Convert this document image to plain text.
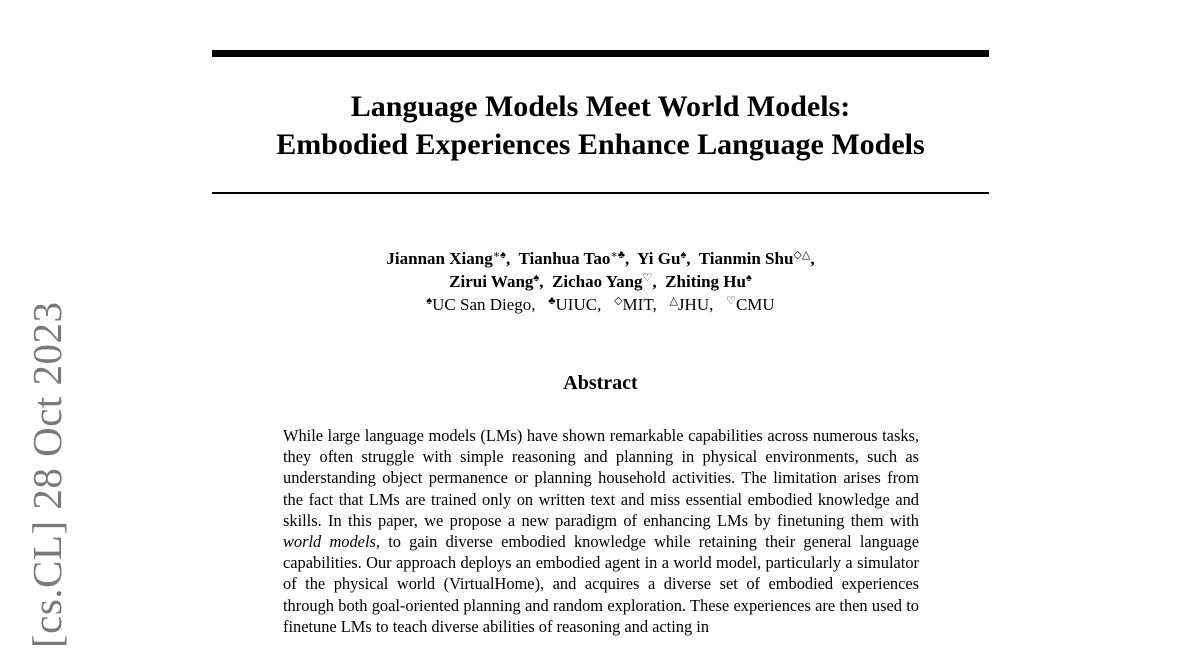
Language Models Meet World Models:
Embodied Experiences Enhance Language Models
Jiannan Xiang∗♠,  Tianhua Tao∗♣,  Yi Gu♠,  Tianmin Shu◇△,
Zirui Wang♠,  Zichao Yang♡,  Zhiting Hu♠
♠UC San Diego,   ♣UIUC,   ◇MIT,   △JHU,   ♡CMU
Abstract
While large language models (LMs) have shown remarkable capabilities across numerous tasks, they often struggle with simple reasoning and planning in physical environments, such as understanding object permanence or planning household activities. The limitation arises from the fact that LMs are trained only on written text and miss essential embodied knowledge and skills. In this paper, we propose a new paradigm of enhancing LMs by finetuning them with world models, to gain diverse embodied knowledge while retaining their general language capabilities. Our approach deploys an embodied agent in a world model, particularly a simulator of the physical world (VirtualHome), and acquires a diverse set of embodied experiences through both goal-oriented planning and random exploration. These experiences are then used to finetune LMs to teach diverse abilities of reasoning and acting in
[cs.CL] 28 Oct 2023
